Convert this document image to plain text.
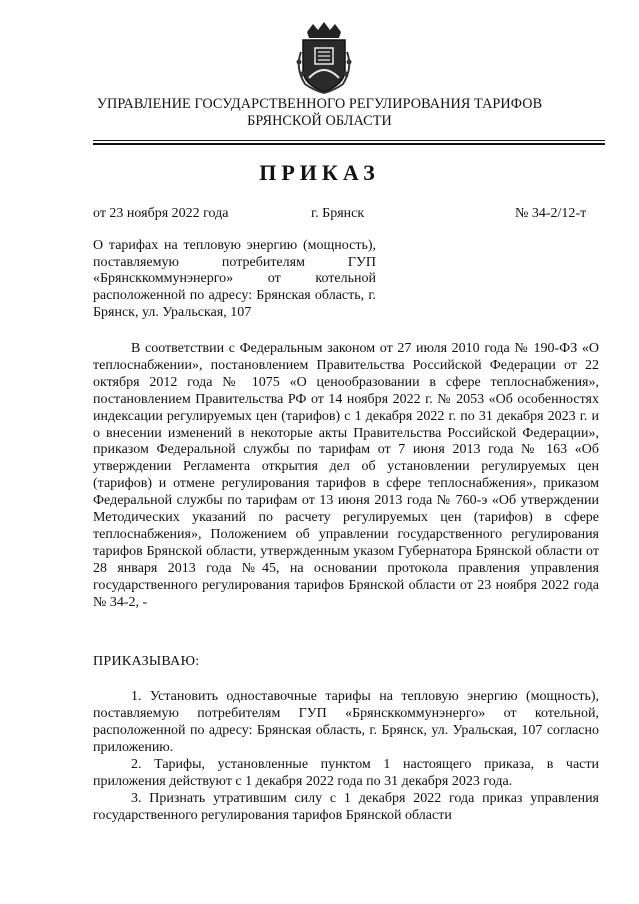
УПРАВЛЕНИЕ ГОСУДАРСТВЕННОГО РЕГУЛИРОВАНИЯ ТАРИФОВ
БРЯНСКОЙ ОБЛАСТИ
ПРИКАЗ
от 23 ноября 2022 года	г. Брянск	№ 34-2/12-т
О тарифах на тепловую энергию (мощность), поставляемую потребителям ГУП «Брянсккоммунэнерго» от котельной расположенной по адресу: Брянская область, г. Брянск, ул. Уральская, 107
В соответствии с Федеральным законом от 27 июля 2010 года № 190-ФЗ «О теплоснабжении», постановлением Правительства Российской Федерации от 22 октября 2012 года № 1075 «О ценообразовании в сфере теплоснабжения», постановлением Правительства РФ от 14 ноября 2022 г. № 2053 «Об особенностях индексации регулируемых цен (тарифов) с 1 декабря 2022 г. по 31 декабря 2023 г. и о внесении изменений в некоторые акты Правительства Российской Федерации», приказом Федеральной службы по тарифам от 7 июня 2013 года № 163 «Об утверждении Регламента открытия дел об установлении регулируемых цен (тарифов) и отмене регулирования тарифов в сфере теплоснабжения», приказом Федеральной службы по тарифам от 13 июня 2013 года № 760-э «Об утверждении Методических указаний по расчету регулируемых цен (тарифов) в сфере теплоснабжения», Положением об управлении государственного регулирования тарифов Брянской области, утвержденным указом Губернатора Брянской области от 28 января 2013 года №45, на основании протокола правления управления государственного регулирования тарифов Брянской области от 23 ноября 2022 года № 34-2, -
ПРИКАЗЫВАЮ:
1. Установить одноставочные тарифы на тепловую энергию (мощность), поставляемую потребителям ГУП «Брянсккоммунэнерго» от котельной, расположенной по адресу: Брянская область, г. Брянск, ул. Уральская, 107 согласно приложению.
2. Тарифы, установленные пунктом 1 настоящего приказа, в части приложения действуют с 1 декабря 2022 года по 31 декабря 2023 года.
3. Признать утратившим силу с 1 декабря 2022 года приказ управления государственного регулирования тарифов Брянской области
